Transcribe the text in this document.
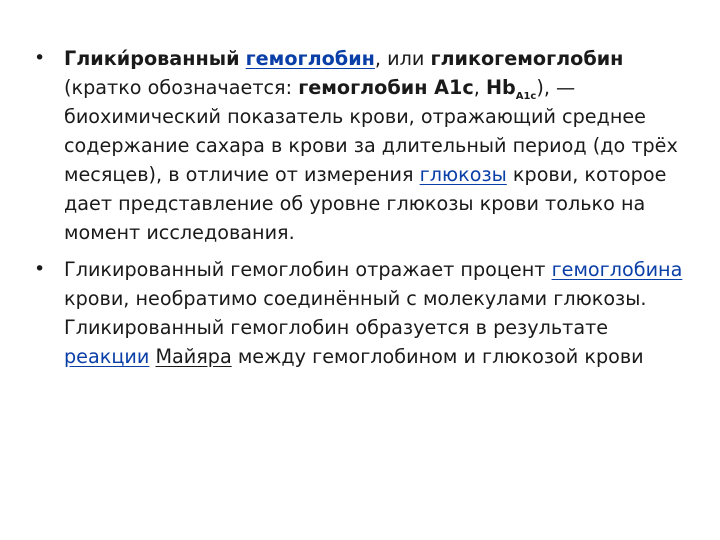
• Гликированный гемоглобин, или гликогемоглобин (кратко обозначается: гемоглобин A1c, $Hb_{A1c}$), — биохимический показатель крови, отражающий среднее содержание сахара в крови за длительный период (до трёх месяцев), в отличие от измерения глюкозы крови, которое дает представление об уровне глюкозы крови только на момент исследования.

• Гликированный гемоглобин отражает процент гемоглобина крови, необратимо соединённый с молекулами глюкозы. Гликированный гемоглобин образуется в результате реакции Майяра между гемоглобином и глюкозой крови
